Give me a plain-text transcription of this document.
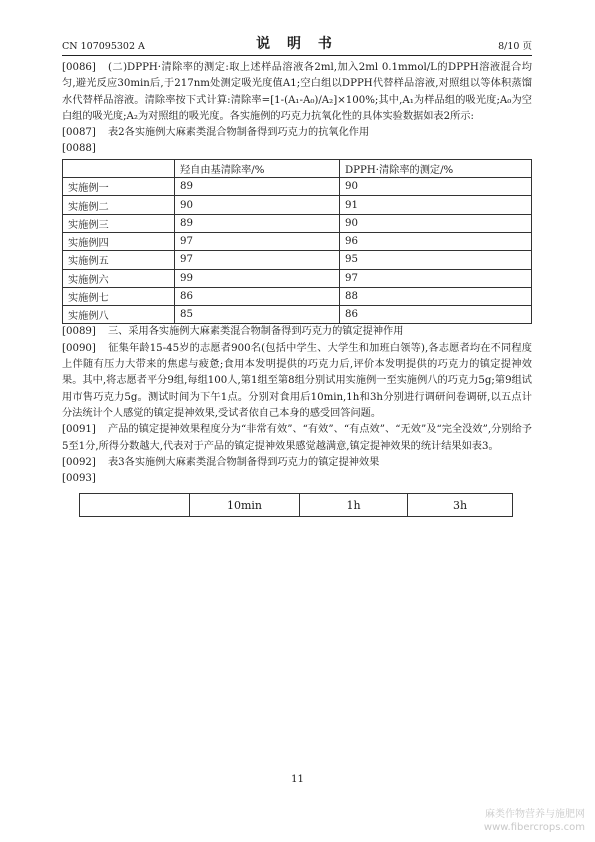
CN 107095302 A	说 明 书	8/10 页

[0086] (二)DPPH·清除率的测定:取上述样品溶液各2ml,加入2ml 0.1mmol/L的DPPH溶液混合均匀,避光反应30min后,于217nm处测定吸光度值A1;空白组以DPPH代替样品溶液,对照组以等体积蒸馏水代替样品溶液。清除率按下式计算:清除率=[1-(A₁-A₀)/A₂]×100%;其中,A₁为样品组的吸光度;A₀为空白组的吸光度;A₂为对照组的吸光度。各实施例的巧克力抗氧化性的具体实验数据如表2所示:

[0087] 表2各实施例大麻素类混合物制备得到巧克力的抗氧化作用

[0088]

	羟自由基清除率/%	DPPH·清除率的测定/%
实施例一	89	90
实施例二	90	91
实施例三	89	90
实施例四	97	96
实施例五	97	95
实施例六	99	97
实施例七	86	88
实施例八	85	86

[0089] 三、采用各实施例大麻素类混合物制备得到巧克力的镇定提神作用

[0090] 征集年龄15-45岁的志愿者900名(包括中学生、大学生和加班白领等),各志愿者均在不同程度上伴随有压力大带来的焦虑与疲惫;食用本发明提供的巧克力后,评价本发明提供的巧克力的镇定提神效果。其中,将志愿者平分9组,每组100人,第1组至第8组分别试用实施例一至实施例八的巧克力5g;第9组试用市售巧克力5g。测试时间为下午1点。分别对食用后10min,1h和3h分别进行调研问卷调研,以五点计分法统计个人感觉的镇定提神效果,受试者依自己本身的感受回答问题。

[0091] 产品的镇定提神效果程度分为“非常有效”、“有效”、“有点效”、“无效”及“完全没效”,分别给予5至1分,所得分数越大,代表对于产品的镇定提神效果感觉越满意,镇定提神效果的统计结果如表3。

[0092] 表3各实施例大麻素类混合物制备得到巧克力的镇定提神效果

[0093]

	10min	1h	3h
11
麻类作物营养与施肥网
www.fibercrops.com
